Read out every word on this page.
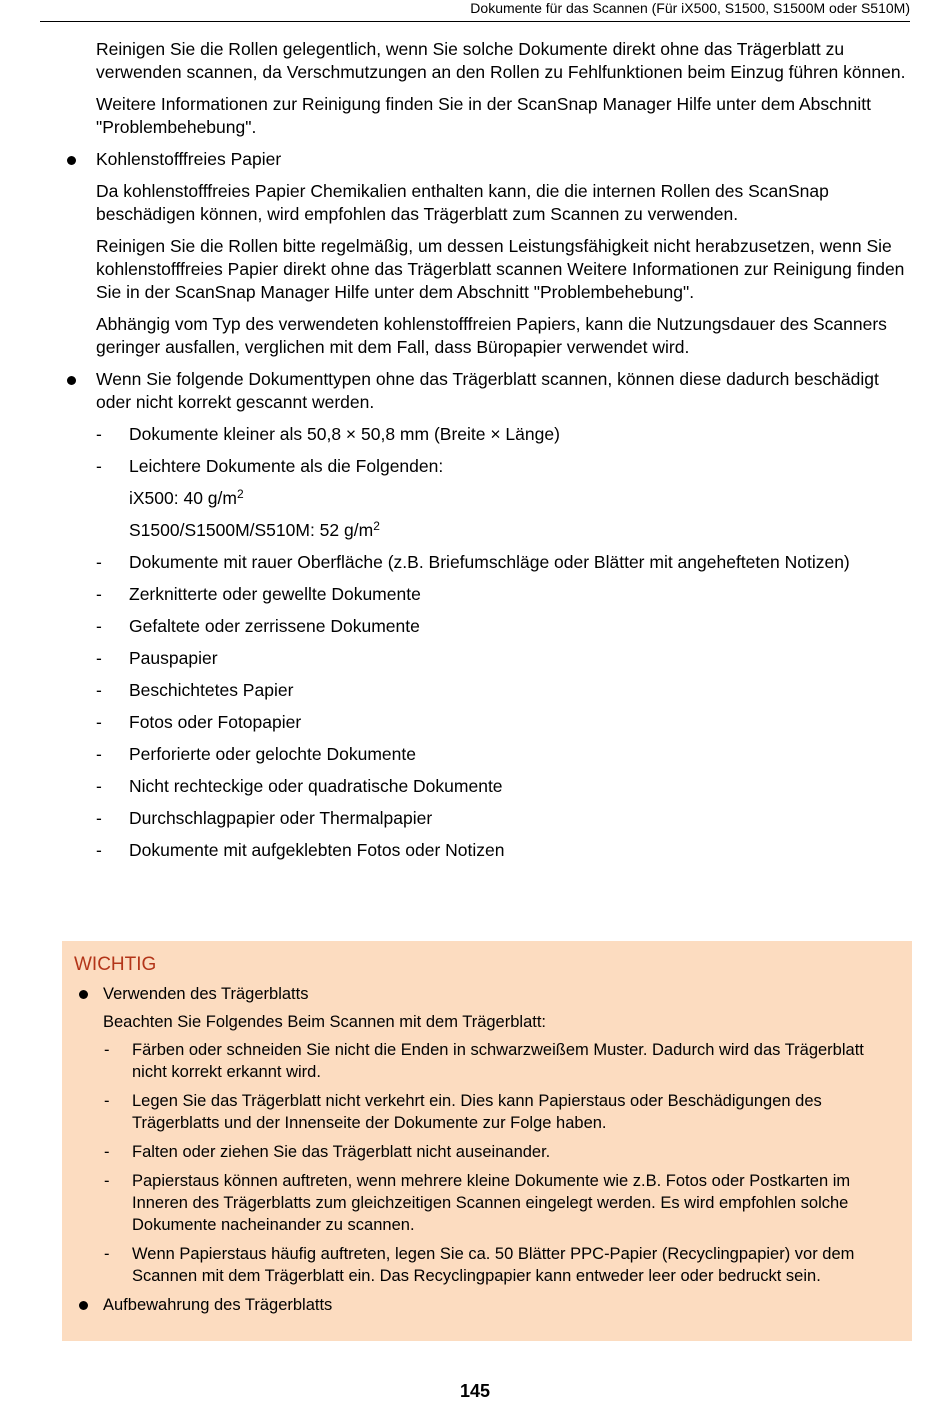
Dokumente für das Scannen (Für iX500, S1500, S1500M oder S510M)

Reinigen Sie die Rollen gelegentlich, wenn Sie solche Dokumente direkt ohne das Trägerblatt zu verwenden scannen, da Verschmutzungen an den Rollen zu Fehlfunktionen beim Einzug führen können.

Weitere Informationen zur Reinigung finden Sie in der ScanSnap Manager Hilfe unter dem Abschnitt "Problembehebung".

Kohlenstofffreies Papier

Da kohlenstofffreies Papier Chemikalien enthalten kann, die die internen Rollen des ScanSnap beschädigen können, wird empfohlen das Trägerblatt zum Scannen zu verwenden.

Reinigen Sie die Rollen bitte regelmäßig, um dessen Leistungsfähigkeit nicht herabzusetzen, wenn Sie kohlenstofffreies Papier direkt ohne das Trägerblatt scannen Weitere Informationen zur Reinigung finden Sie in der ScanSnap Manager Hilfe unter dem Abschnitt "Problembehebung".

Abhängig vom Typ des verwendeten kohlenstofffreien Papiers, kann die Nutzungsdauer des Scanners geringer ausfallen, verglichen mit dem Fall, dass Büropapier verwendet wird.

Wenn Sie folgende Dokumenttypen ohne das Trägerblatt scannen, können diese dadurch beschädigt oder nicht korrekt gescannt werden.
- Dokumente kleiner als 50,8 × 50,8 mm (Breite × Länge)
- Leichtere Dokumente als die Folgenden:
iX500: 40 $g/m^2$
S1500/S1500M/S510M: 52 $g/m^2$
- Dokumente mit rauer Oberfläche (z.B. Briefumschläge oder Blätter mit angehefteten Notizen)
- Zerknitterte oder gewellte Dokumente
- Gefaltete oder zerrissene Dokumente
- Pauspapier
- Beschichtetes Papier
- Fotos oder Fotopapier
- Perforierte oder gelochte Dokumente
- Nicht rechteckige oder quadratische Dokumente
- Durchschlagpapier oder Thermalpapier
- Dokumente mit aufgeklebten Fotos oder Notizen
WICHTIG
Verwenden des Trägerblatts

Beachten Sie Folgendes Beim Scannen mit dem Trägerblatt:

- Färben oder schneiden Sie nicht die Enden in schwarzweißem Muster. Dadurch wird das Trägerblatt nicht korrekt erkannt wird.
- Legen Sie das Trägerblatt nicht verkehrt ein. Dies kann Papierstaus oder Beschädigungen des Trägerblatts und der Innenseite der Dokumente zur Folge haben.
- Falten oder ziehen Sie das Trägerblatt nicht auseinander.
- Papierstaus können auftreten, wenn mehrere kleine Dokumente wie z.B. Fotos oder Postkarten im Inneren des Trägerblatts zum gleichzeitigen Scannen eingelegt werden. Es wird empfohlen solche Dokumente nacheinander zu scannen.
- Wenn Papierstaus häufig auftreten, legen Sie ca. 50 Blätter PPC-Papier (Recyclingpapier) vor dem Scannen mit dem Trägerblatt ein. Das Recyclingpapier kann entweder leer oder bedruckt sein.
Aufbewahrung des Trägerblatts
145
